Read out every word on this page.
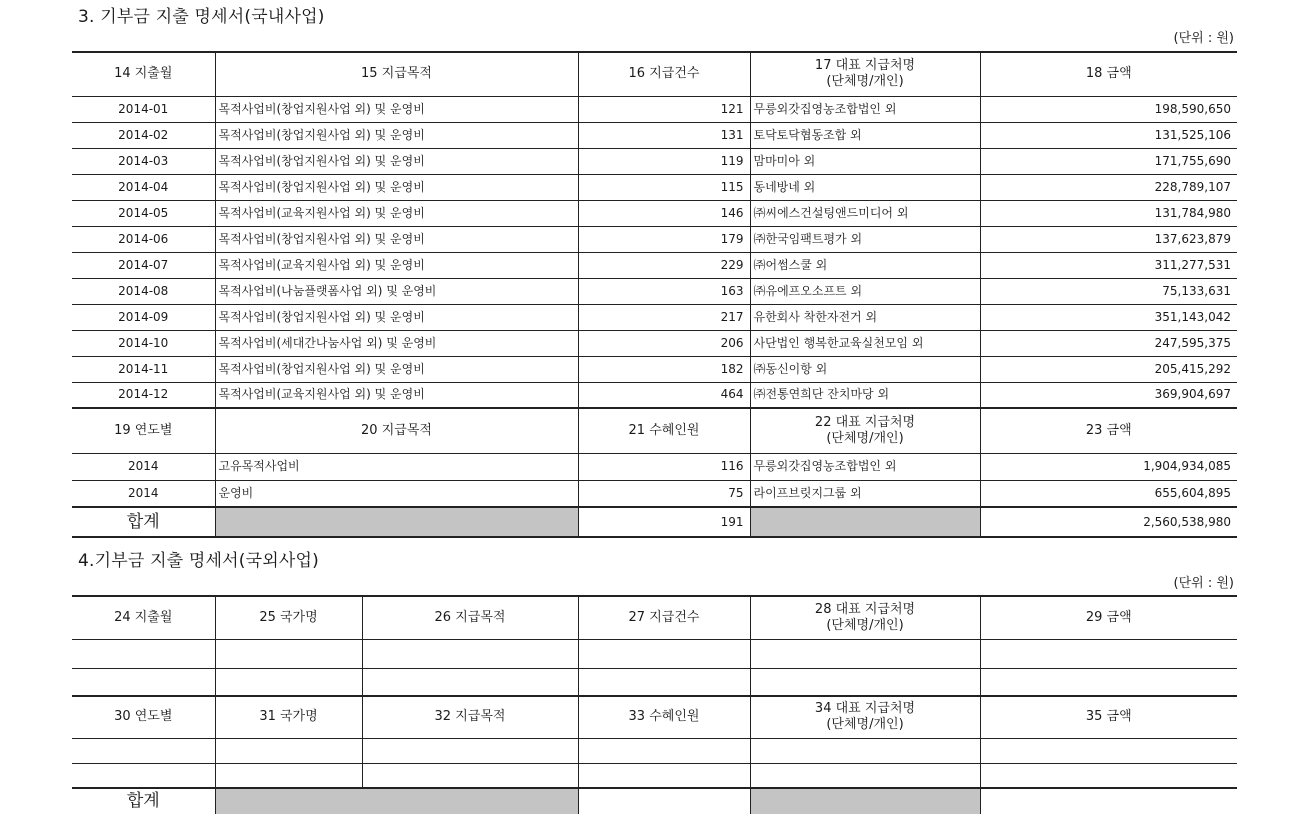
3. 기부금 지출 명세서(국내사업)
(단위 : 원)
14 지출월	15 지급목적	16 지급건수	17 대표 지급처명
(단체명/개인)	18 금액
2014-01	목적사업비(창업지원사업 외) 및 운영비	121	무릉외갓집영농조합법인 외	198,590,650
2014-02	목적사업비(창업지원사업 외) 및 운영비	131	토닥토닥협동조합 외	131,525,106
2014-03	목적사업비(창업지원사업 외) 및 운영비	119	맘마미아 외	171,755,690
2014-04	목적사업비(창업지원사업 외) 및 운영비	115	동네방네 외	228,789,107
2014-05	목적사업비(교육지원사업 외) 및 운영비	146	㈜씨에스건설팅앤드미디어 외	131,784,980
2014-06	목적사업비(창업지원사업 외) 및 운영비	179	㈜한국임팩트평가 외	137,623,879
2014-07	목적사업비(교육지원사업 외) 및 운영비	229	㈜어썸스쿨 외	311,277,531
2014-08	목적사업비(나눔플랫폼사업 외) 및 운영비	163	㈜유에프오소프트 외	75,133,631
2014-09	목적사업비(창업지원사업 외) 및 운영비	217	유한회사 착한자전거 외	351,143,042
2014-10	목적사업비(세대간나눔사업 외) 및 운영비	206	사단법인 행복한교육실천모임 외	247,595,375
2014-11	목적사업비(창업지원사업 외) 및 운영비	182	㈜동신이항 외	205,415,292
2014-12	목적사업비(교육지원사업 외) 및 운영비	464	㈜전통연희단 잔치마당 외	369,904,697
19 연도별	20 지급목적	21 수혜인원	22 대표 지급처명
(단체명/개인)	23 금액
2014	고유목적사업비	116	무릉외갓집영농조합법인 외	1,904,934,085
2014	운영비	75	라이프브릿지그룹 외	655,604,895
합계		191		2,560,538,980
4.기부금 지출 명세서(국외사업)
(단위 : 원)
24 지출월	25 국가명	26 지급목적	27 지급건수	28 대표 지급처명
(단체명/개인)	29 금액

30 연도별	31 국가명	32 지급목적	33 수혜인원	34 대표 지급처명
(단체명/개인)	35 금액

합계					
